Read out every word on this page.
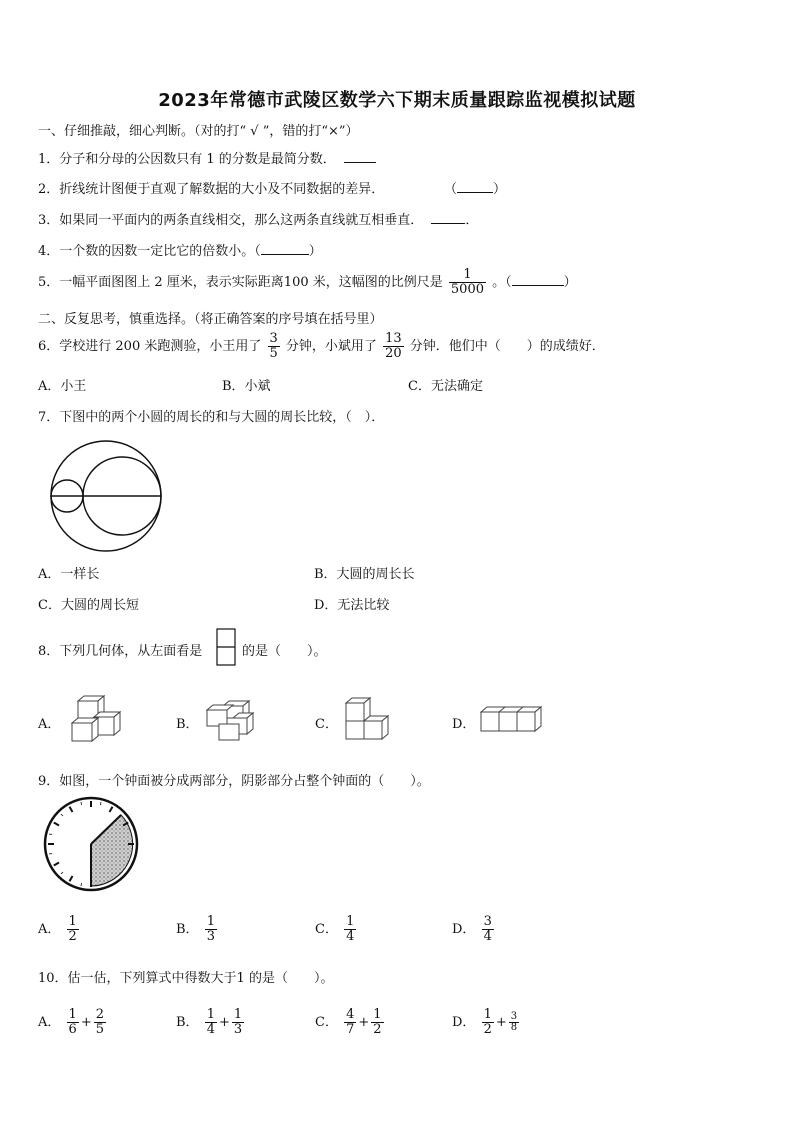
2023年常德市武陵区数学六下期末质量跟踪监视模拟试题
一、仔细推敲，细心判断。（对的打“ √ ”，错的打“×”）
1．分子和分母的公因数只有 1 的分数是最简分数．
2．折线统计图便于直观了解数据的大小及不同数据的差异．	（	）
3．如果同一平面内的两条直线相交，那么这两条直线就互相垂直．	．
4．一个数的因数一定比它的倍数小。（	）
5．一幅平面图图上 2 厘米，表示实际距离100 米，这幅图的比例尺是 $\frac{1}{5000}$ 。（	）
二、反复思考，慎重选择。（将正确答案的序号填在括号里）
6．学校进行 200 米跑测验，小王用了 $\frac{3}{5}$ 分钟，小斌用了 $\frac{13}{20}$ 分钟．他们中（　　）的成绩好．
A．小王	B．小斌	C．无法确定
7．下图中的两个小圆的周长的和与大圆的周长比较，（　）．
A．一样长	B．大圆的周长长
C．大圆的周长短	D．无法比较
8．下列几何体，从左面看是	的是（　　）。
A．	B．	C．	D．
9．如图，一个钟面被分成两部分，阴影部分占整个钟面的（　　）。
A． $\frac{1}{2}$	B． $\frac{1}{3}$	C． $\frac{1}{4}$	D． $\frac{3}{4}$
10．估一估，下列算式中得数大于1 的是（　　）。
A． $\frac{1}{6} + \frac{2}{5}$	B． $\frac{1}{4} + \frac{1}{3}$	C． $\frac{4}{7} + \frac{1}{2}$	D． $\frac{1}{2} + \frac{3}{8}$
